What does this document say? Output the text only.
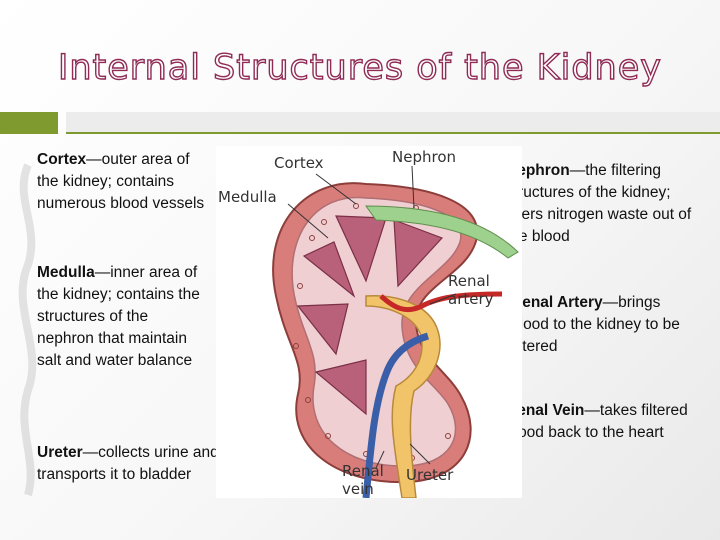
Internal Structures of the Kidney
Cortex—outer area of the kidney; contains numerous blood vessels
Medulla—inner area of the kidney; contains the structures of the nephron that maintain salt and water balance
Ureter—collects urine and transports it to bladder
Nephron—the filtering structures of the kidney; filters nitrogen waste out of the blood
Renal Artery—brings blood to the kidney to be filtered
Renal Vein—takes filtered blood back to the heart
Cortex	Nephron
Medulla
Renal
artery
Renal
vein
Ureter
